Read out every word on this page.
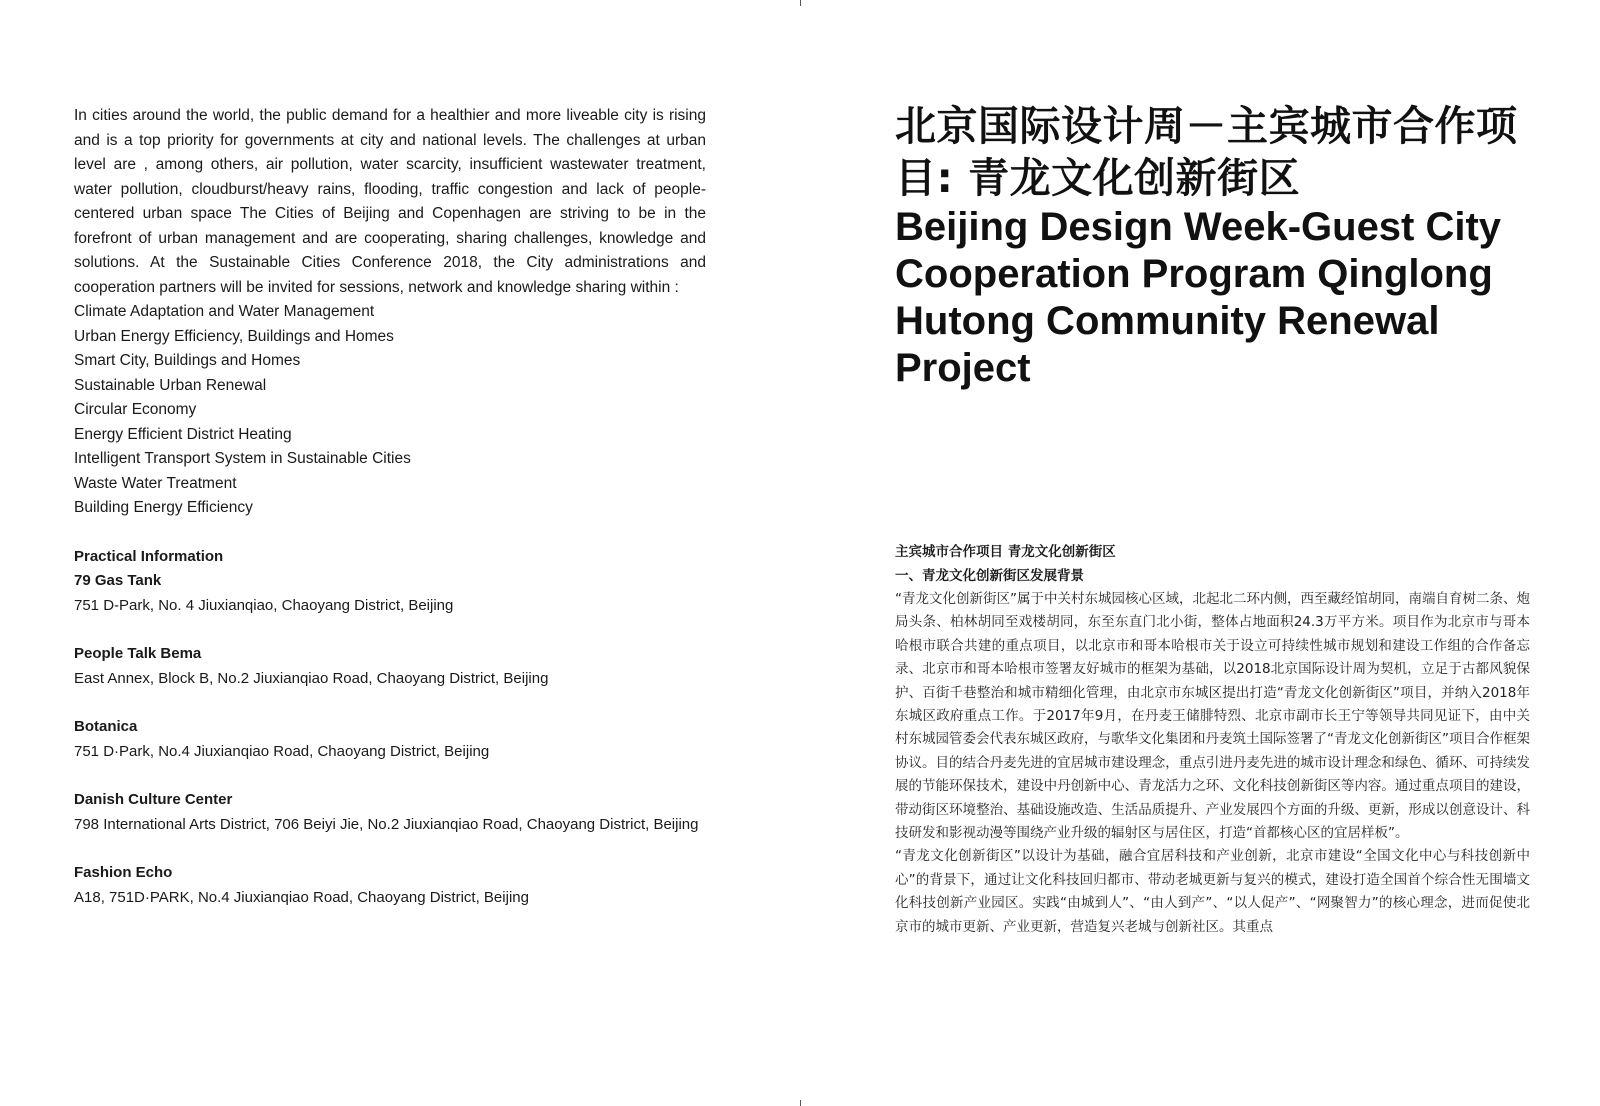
In cities around the world, the public demand for a healthier and more liveable city is rising and is a top priority for governments at city and national levels. The challenges at urban level are , among others, air pollution, water scarcity, insufficient wastewater treatment, water pollution, cloudburst/heavy rains, flooding, traffic congestion and lack of people-centered urban space The Cities of Beijing and Copenhagen are striving to be in the forefront of urban management and are cooperating, sharing challenges, knowledge and solutions. At the Sustainable Cities Conference 2018, the City administrations and cooperation partners will be invited for sessions, network and knowledge sharing within :

Climate Adaptation and Water Management
Urban Energy Efficiency, Buildings and Homes
Smart City, Buildings and Homes
Sustainable Urban Renewal
Circular Economy
Energy Efficient District Heating
Intelligent Transport System in Sustainable Cities
Waste Water Treatment
Building Energy Efficiency
Practical Information
79 Gas Tank
751 D-Park, No. 4 Jiuxianqiao, Chaoyang District, Beijing
People Talk Bema
East Annex, Block B, No.2 Jiuxianqiao Road, Chaoyang District, Beijing
Botanica
751 D·Park, No.4 Jiuxianqiao Road, Chaoyang District, Beijing
Danish Culture Center
798 International Arts District, 706 Beiyi Jie, No.2 Jiuxianqiao Road, Chaoyang District, Beijing
Fashion Echo
A18, 751D·PARK, No.4 Jiuxianqiao Road, Chaoyang District, Beijing
北京国际设计周－主宾城市合作项目: 青龙文化创新街区
Beijing Design Week-Guest City Cooperation Program Qinglong Hutong Community Renewal Project
主宾城市合作项目 青龙文化创新街区
一、青龙文化创新街区发展背景

“青龙文化创新街区”属于中关村东城园核心区域，北起北二环内侧，西至藏经馆胡同，南端自育树二条、炮局头条、柏林胡同至戏楼胡同，东至东直门北小街，整体占地面积24.3万平方米。项目作为北京市与哥本哈根市联合共建的重点项目，以北京市和哥本哈根市关于设立可持续性城市规划和建设工作组的合作备忘录、北京市和哥本哈根市签署友好城市的框架为基础，以2018北京国际设计周为契机，立足于古都风貌保护、百街千巷整治和城市精细化管理，由北京市东城区提出打造“青龙文化创新街区”项目，并纳入2018年东城区政府重点工作。于2017年9月，在丹麦王储腓特烈、北京市副市长王宁等领导共同见证下，由中关村东城园管委会代表东城区政府，与歌华文化集团和丹麦筑土国际签署了“青龙文化创新街区”项目合作框架协议。目的结合丹麦先进的宜居城市建设理念，重点引进丹麦先进的城市设计理念和绿色、循环、可持续发展的节能环保技术，建设中丹创新中心、青龙活力之环、文化科技创新街区等内容。通过重点项目的建设，带动街区环境整治、基础设施改造、生活品质提升、产业发展四个方面的升级、更新，形成以创意设计、科技研发和影视动漫等围绕产业升级的辐射区与居住区，打造“首都核心区的宜居样板”。

“青龙文化创新街区”以设计为基础，融合宜居科技和产业创新，北京市建设“全国文化中心与科技创新中心”的背景下，通过让文化科技回归都市、带动老城更新与复兴的模式，建设打造全国首个综合性无围墙文化科技创新产业园区。实践“由城到人”、“由人到产”、“以人促产”、“网聚智力”的核心理念，进而促使北京市的城市更新、产业更新，营造复兴老城与创新社区。其重点
